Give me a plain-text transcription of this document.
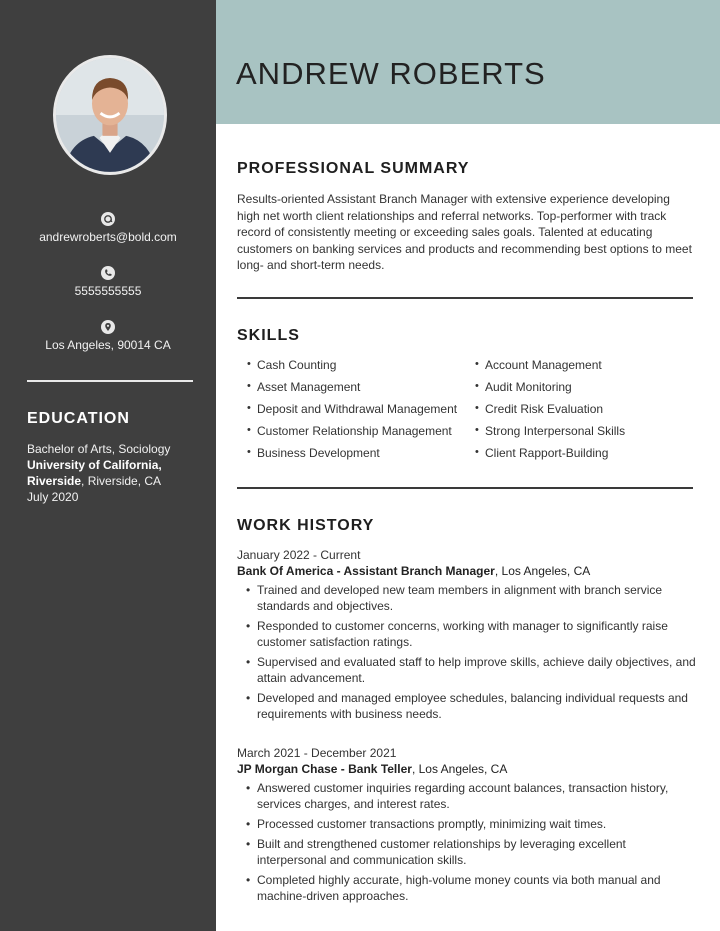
andrewroberts@bold.com
5555555555
Los Angeles, 90014 CA
EDUCATION
Bachelor of Arts, Sociology
University of California,
Riverside, Riverside, CA
July 2020
ANDREW ROBERTS
PROFESSIONAL SUMMARY
Results-oriented Assistant Branch Manager with extensive experience developing high net worth client relationships and referral networks. Top-performer with track record of consistently meeting or exceeding sales goals. Talented at educating customers on banking services and products and recommending best options to meet long- and short-term needs.
SKILLS
• Cash Counting
• Asset Management
• Deposit and Withdrawal Management
• Customer Relationship Management
• Business Development
• Account Management
• Audit Monitoring
• Credit Risk Evaluation
• Strong Interpersonal Skills
• Client Rapport-Building
WORK HISTORY
January 2022 - Current
Bank Of America - Assistant Branch Manager, Los Angeles, CA
• Trained and developed new team members in alignment with branch service standards and objectives.
• Responded to customer concerns, working with manager to significantly raise customer satisfaction ratings.
• Supervised and evaluated staff to help improve skills, achieve daily objectives, and attain advancement.
• Developed and managed employee schedules, balancing individual requests and requirements with business needs.
March 2021 - December 2021
JP Morgan Chase - Bank Teller, Los Angeles, CA
• Answered customer inquiries regarding account balances, transaction history, services charges, and interest rates.
• Processed customer transactions promptly, minimizing wait times.
• Built and strengthened customer relationships by leveraging excellent interpersonal and communication skills.
• Completed highly accurate, high-volume money counts via both manual and machine-driven approaches.
